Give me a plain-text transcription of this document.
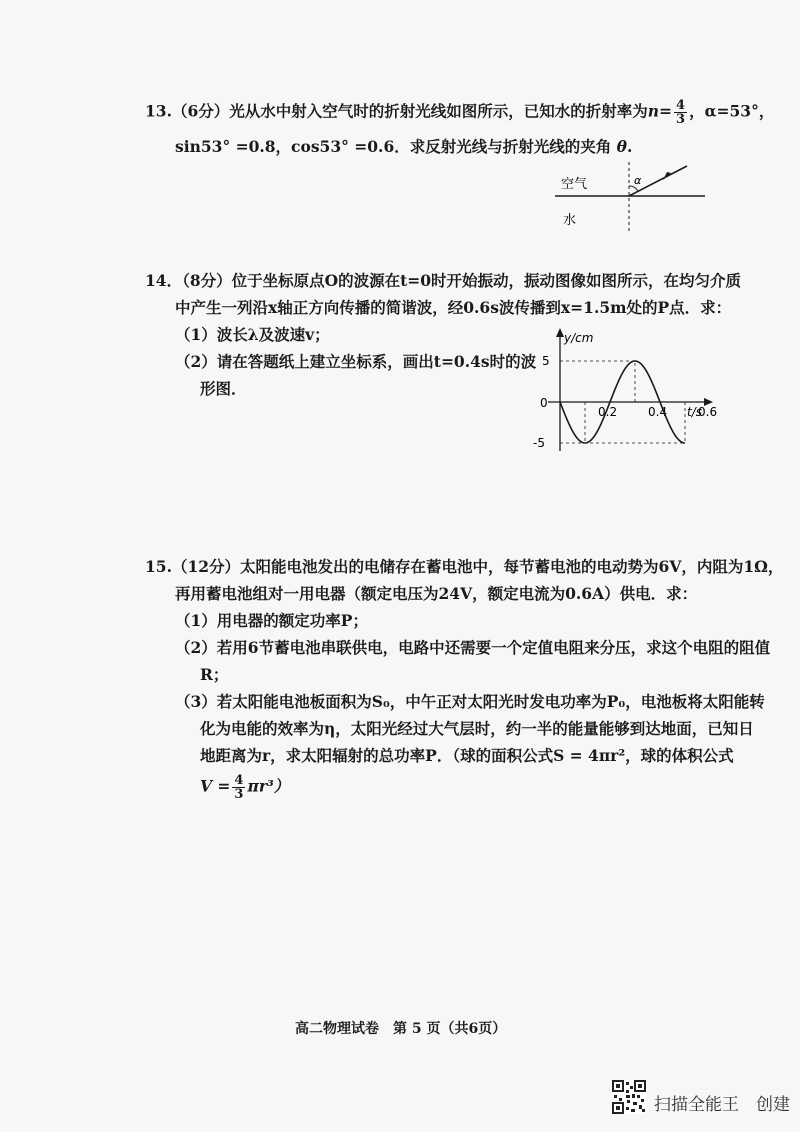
13.（6分）光从水中射入空气时的折射光线如图所示，已知水的折射率为$n= \frac{4}{3}$ ，α=53°，
sin53° =0.8，cos53° =0.6．求反射光线与折射光线的夹角 θ.
α
空气
水
14．（8分）位于坐标原点O的波源在t=0时开始振动，振动图像如图所示，在均匀介质
中产生一列沿x轴正方向传播的简谐波，经0.6s波传播到x=1.5m处的P点．求：
（1）波长λ及波速v；
（2）请在答题纸上建立坐标系，画出t=0.4s时的波
形图．
y/cm
t/s
0
5
-5
0.2	0.4	0.6
15.（12分）太阳能电池发出的电储存在蓄电池中，每节蓄电池的电动势为6V，内阻为1Ω，
再用蓄电池组对一用电器（额定电压为24V，额定电流为0.6A）供电．求：
（1）用电器的额定功率P；
（2）若用6节蓄电池串联供电，电路中还需要一个定值电阻来分压，求这个电阻的阻值
R；
（3）若太阳能电池板面积为S₀，中午正对太阳光时发电功率为P₀，电池板将太阳能转
化为电能的效率为η，太阳光经过大气层时，约一半的能量能够到达地面，已知日
地距离为r，求太阳辐射的总功率P．（球的面积公式S = 4πr²，球的体积公式
$V = \frac{4}{3} \pi r^3$）
高二物理试卷　第 5 页（共6页）
扫描全能王　创建
